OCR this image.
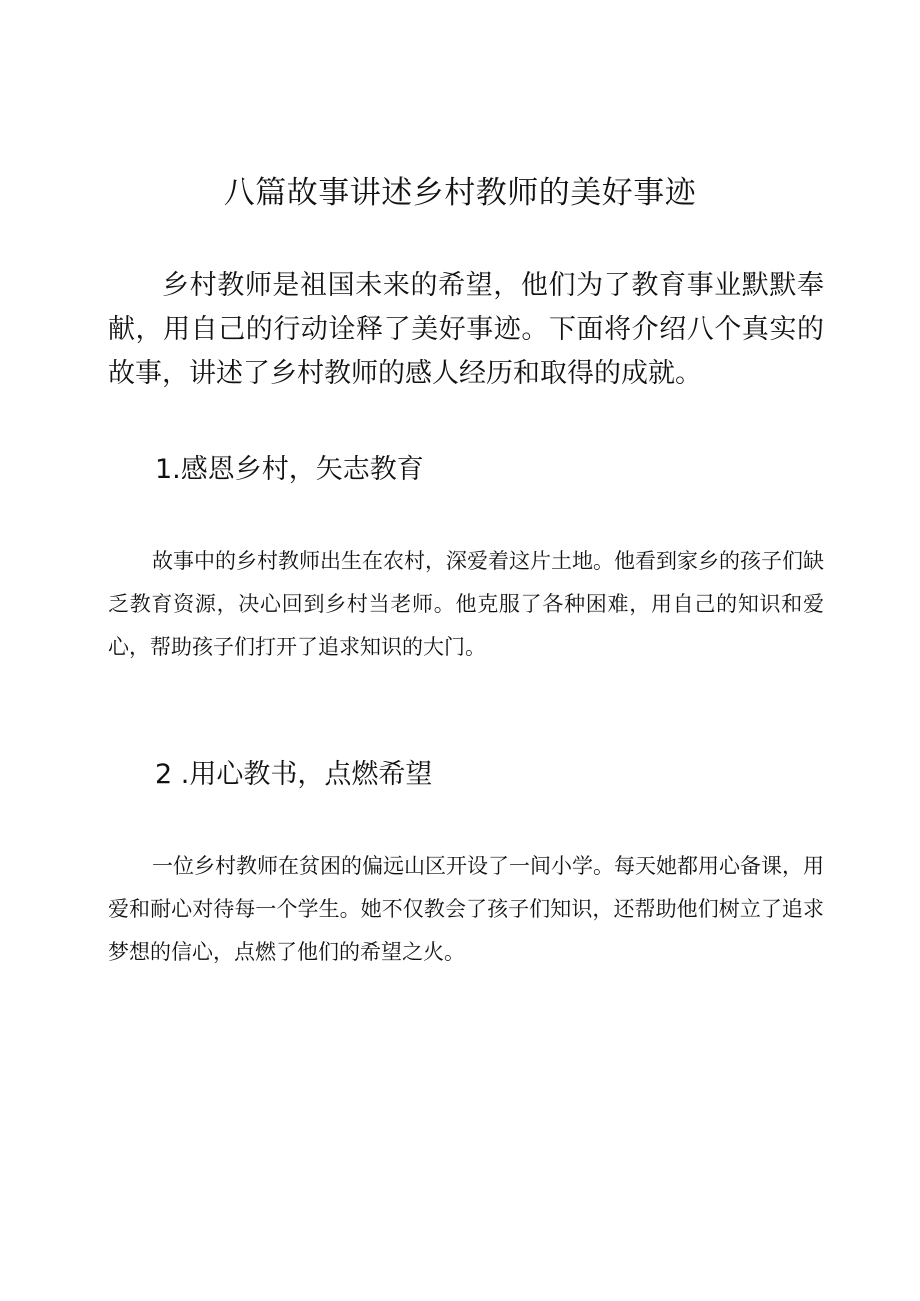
八篇故事讲述乡村教师的美好事迹

乡村教师是祖国未来的希望，他们为了教育事业默默奉献，用自己的行动诠释了美好事迹。下面将介绍八个真实的故事，讲述了乡村教师的感人经历和取得的成就。

1.感恩乡村，矢志教育

故事中的乡村教师出生在农村，深爱着这片土地。他看到家乡的孩子们缺乏教育资源，决心回到乡村当老师。他克服了各种困难，用自己的知识和爱心，帮助孩子们打开了追求知识的大门。

2 .用心教书，点燃希望

一位乡村教师在贫困的偏远山区开设了一间小学。每天她都用心备课，用爱和耐心对待每一个学生。她不仅教会了孩子们知识，还帮助他们树立了追求梦想的信心，点燃了他们的希望之火。
